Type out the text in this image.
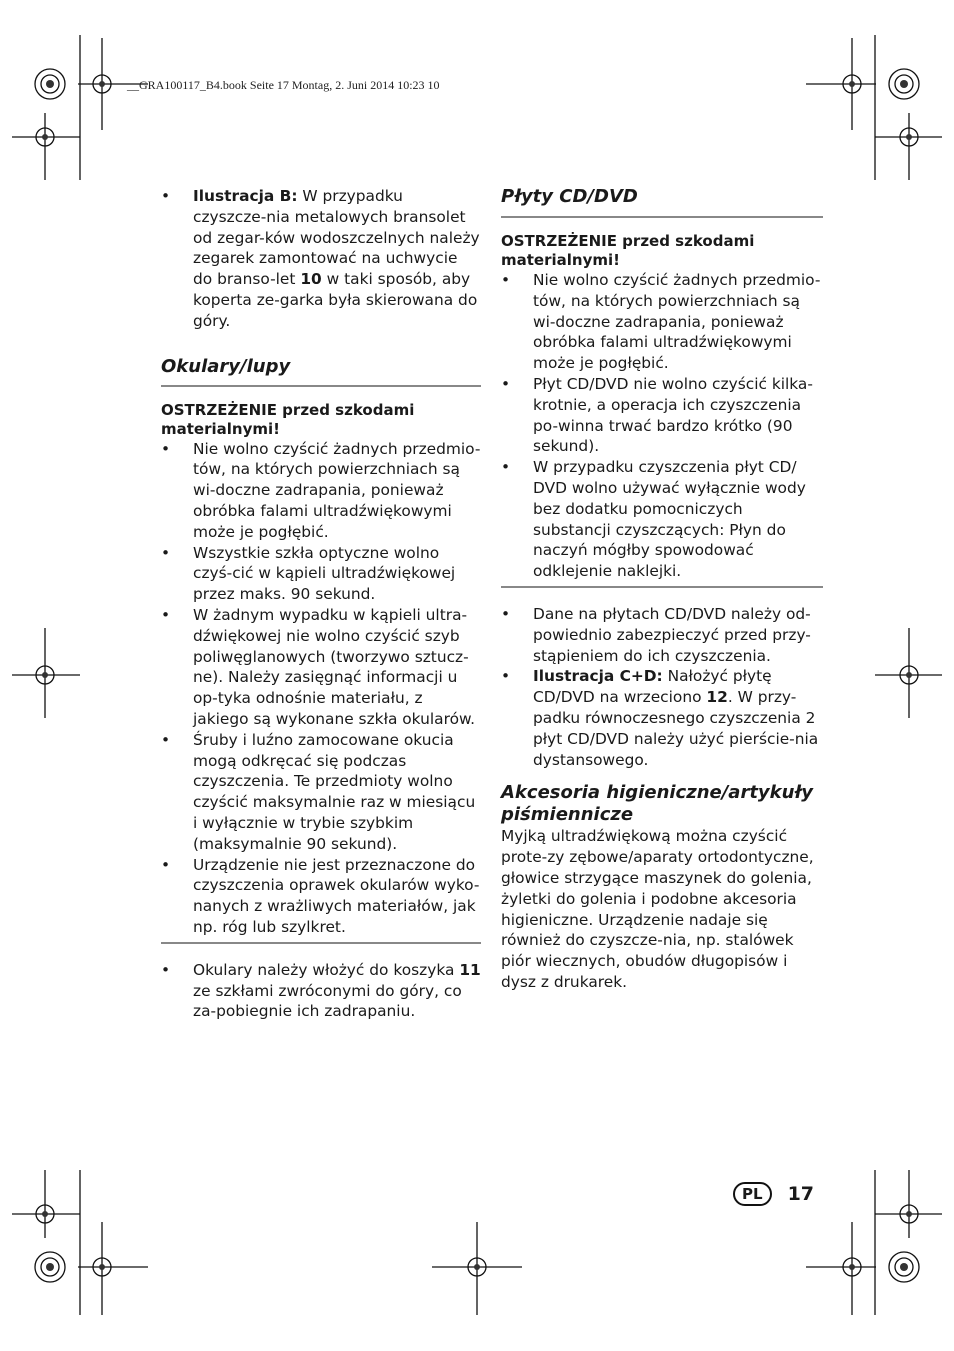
__GRA100117_B4.book Seite 17 Montag, 2. Juni 2014 10:23 10
• Ilustracja B: W przypadku czyszcze-nia metalowych bransolet od zegar-ków wodoszczelnych należy zegarek zamontować na uchwycie do branso-let 10 w taki sposób, aby koperta ze-garka była skierowana do góry.

Okulary/lupy

OSTRZEŻENIE przed szkodami materialnymi!
• Nie wolno czyścić żadnych przedmio-tów, na których powierzchniach są wi-doczne zadrapania, ponieważ obróbka falami ultradźwiękowymi może je pogłębić.
• Wszystkie szkła optyczne wolno czyś-cić w kąpieli ultradźwiękowej przez maks. 90 sekund.
• W żadnym wypadku w kąpieli ultra-dźwiękowej nie wolno czyścić szyb poliwęglanowych (tworzywo sztucz-ne). Należy zasięgnąć informacji u op-tyka odnośnie materiału, z jakiego są wykonane szkła okularów.
• Śruby i luźno zamocowane okucia mogą odkręcać się podczas czyszczenia. Te przedmioty wolno czyścić maksymalnie raz w miesiącu i wyłącznie w trybie szybkim (maksymalnie 90 sekund).
• Urządzenie nie jest przeznaczone do czyszczenia oprawek okularów wyko-nanych z wrażliwych materiałów, jak np. róg lub szylkret.
• Okulary należy włożyć do koszyka 11 ze szkłami zwróconymi do góry, co za-pobiegnie ich zadrapaniu.

Płyty CD/DVD

OSTRZEŻENIE przed szkodami materialnymi!
• Nie wolno czyścić żadnych przedmio-tów, na których powierzchniach są wi-doczne zadrapania, ponieważ obróbka falami ultradźwiękowymi może je pogłębić.
• Płyt CD/DVD nie wolno czyścić kilka-krotnie, a operacja ich czyszczenia po-winna trwać bardzo krótko (90 sekund).
• W przypadku czyszczenia płyt CD/ DVD wolno używać wyłącznie wody bez dodatku pomocniczych substancji czyszczących: Płyn do naczyń mógłby spowodować odklejenie naklejki.
• Dane na płytach CD/DVD należy od-powiednio zabezpieczyć przed przy-stąpieniem do ich czyszczenia.
• Ilustracja C+D: Nałożyć płytę CD/DVD na wrzeciono 12. W przy-padku równoczesnego czyszczenia 2 płyt CD/DVD należy użyć pierście-nia dystansowego.

Akcesoria higieniczne/artykuły piśmiennicze

Myjką ultradźwiękową można czyścić prote-zy zębowe/aparaty ortodontyczne, głowice strzygące maszynek do golenia, żyletki do golenia i podobne akcesoria higieniczne. Urządzenie nadaje się również do czyszcze-nia, np. stalówek piór wiecznych, obudów długopisów i dysz z drukarek.

PL	17
